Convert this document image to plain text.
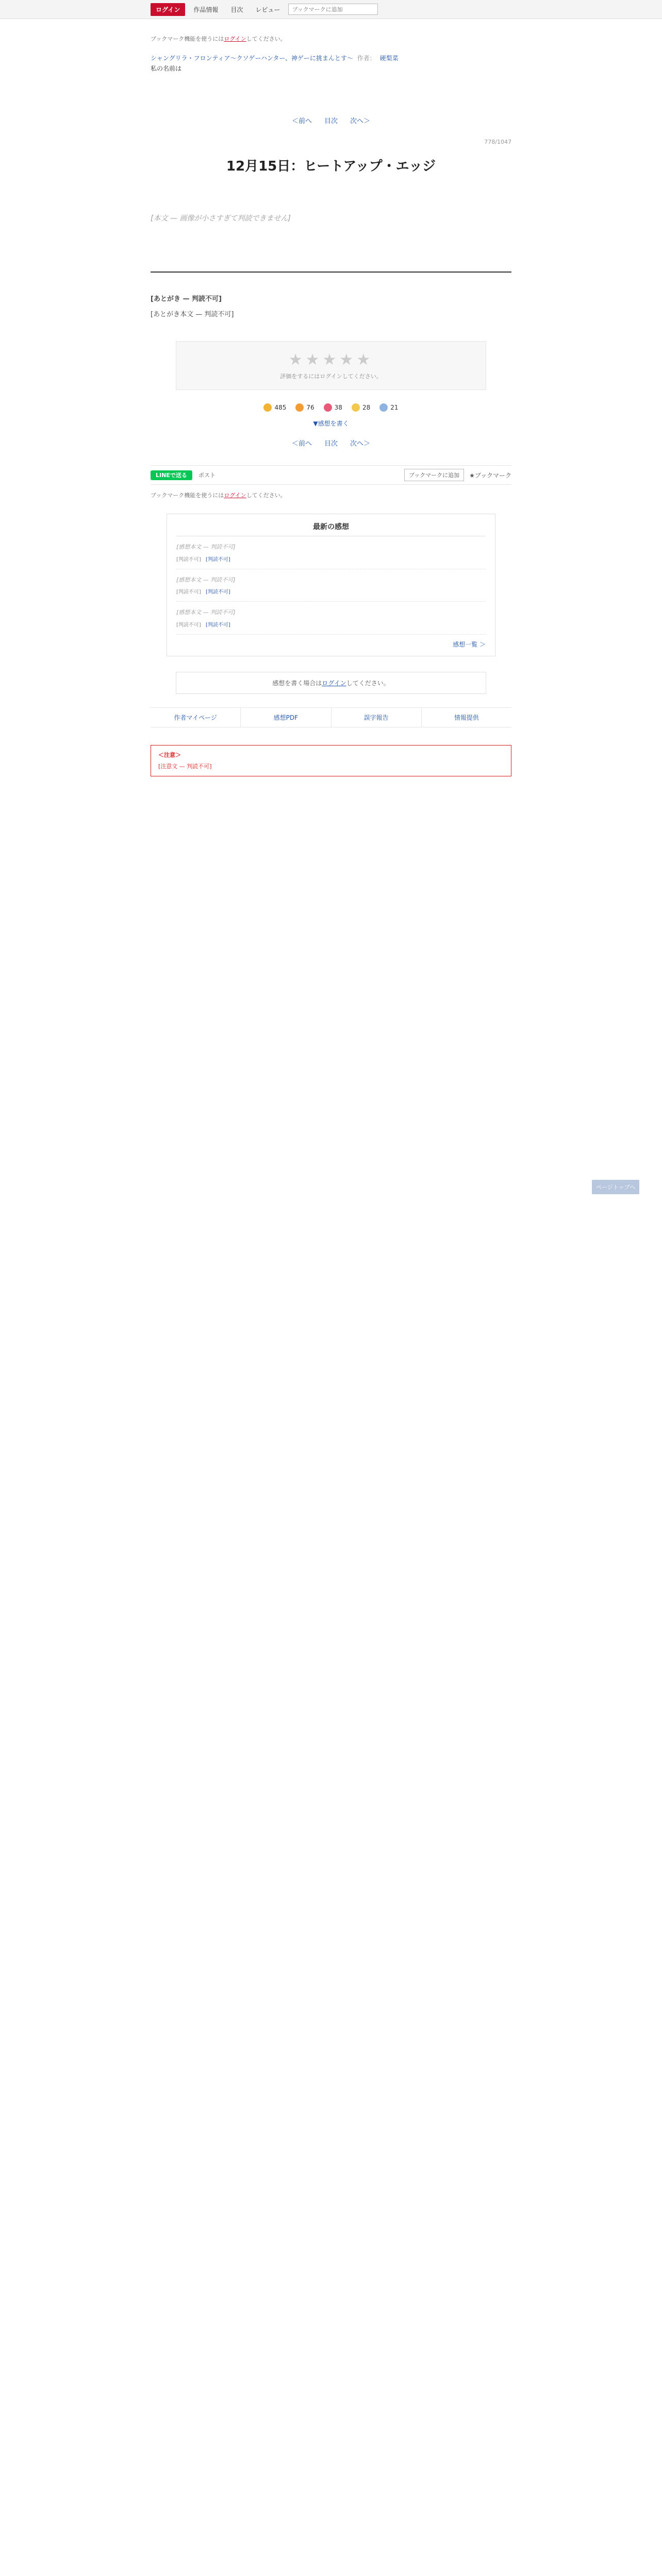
ログイン	作品情報	目次	レビュー
ブックマークに追加
ブックマーク機能を使うにはログインしてください。
シャングリラ・フロンティア〜クソゲーハンター、神ゲーに挑まんとす〜 作者： 硬梨菜
私の名前は
＜前へ 目次 次へ＞
778/1047
12月15日：ヒートアップ・エッジ

[本文 — 画像が小さすぎて判読できません]

[あとがき — 判読不可]
[あとがき本文 — 判読不可]
★★★★★
評価をするにはログインしてください。
485	76	38	28	21
▼感想を書く
＜前へ 目次 次へ＞
LINEで送る ポスト	ブックマークに追加	★ブックマーク
ブックマーク機能を使うにはログインしてください。
最新の感想
[感想本文 — 判読不可]
[判読不可] [判読不可]
[感想本文 — 判読不可]
[判読不可] [判読不可]
[感想本文 — 判読不可]
[判読不可] [判読不可]
感想一覧 ＞
感想を書く場合はログインしてください。
作者マイページ	感想PDF	誤字報告	情報提供
＜注意＞
[注意文 — 判読不可]
ページトップへ
